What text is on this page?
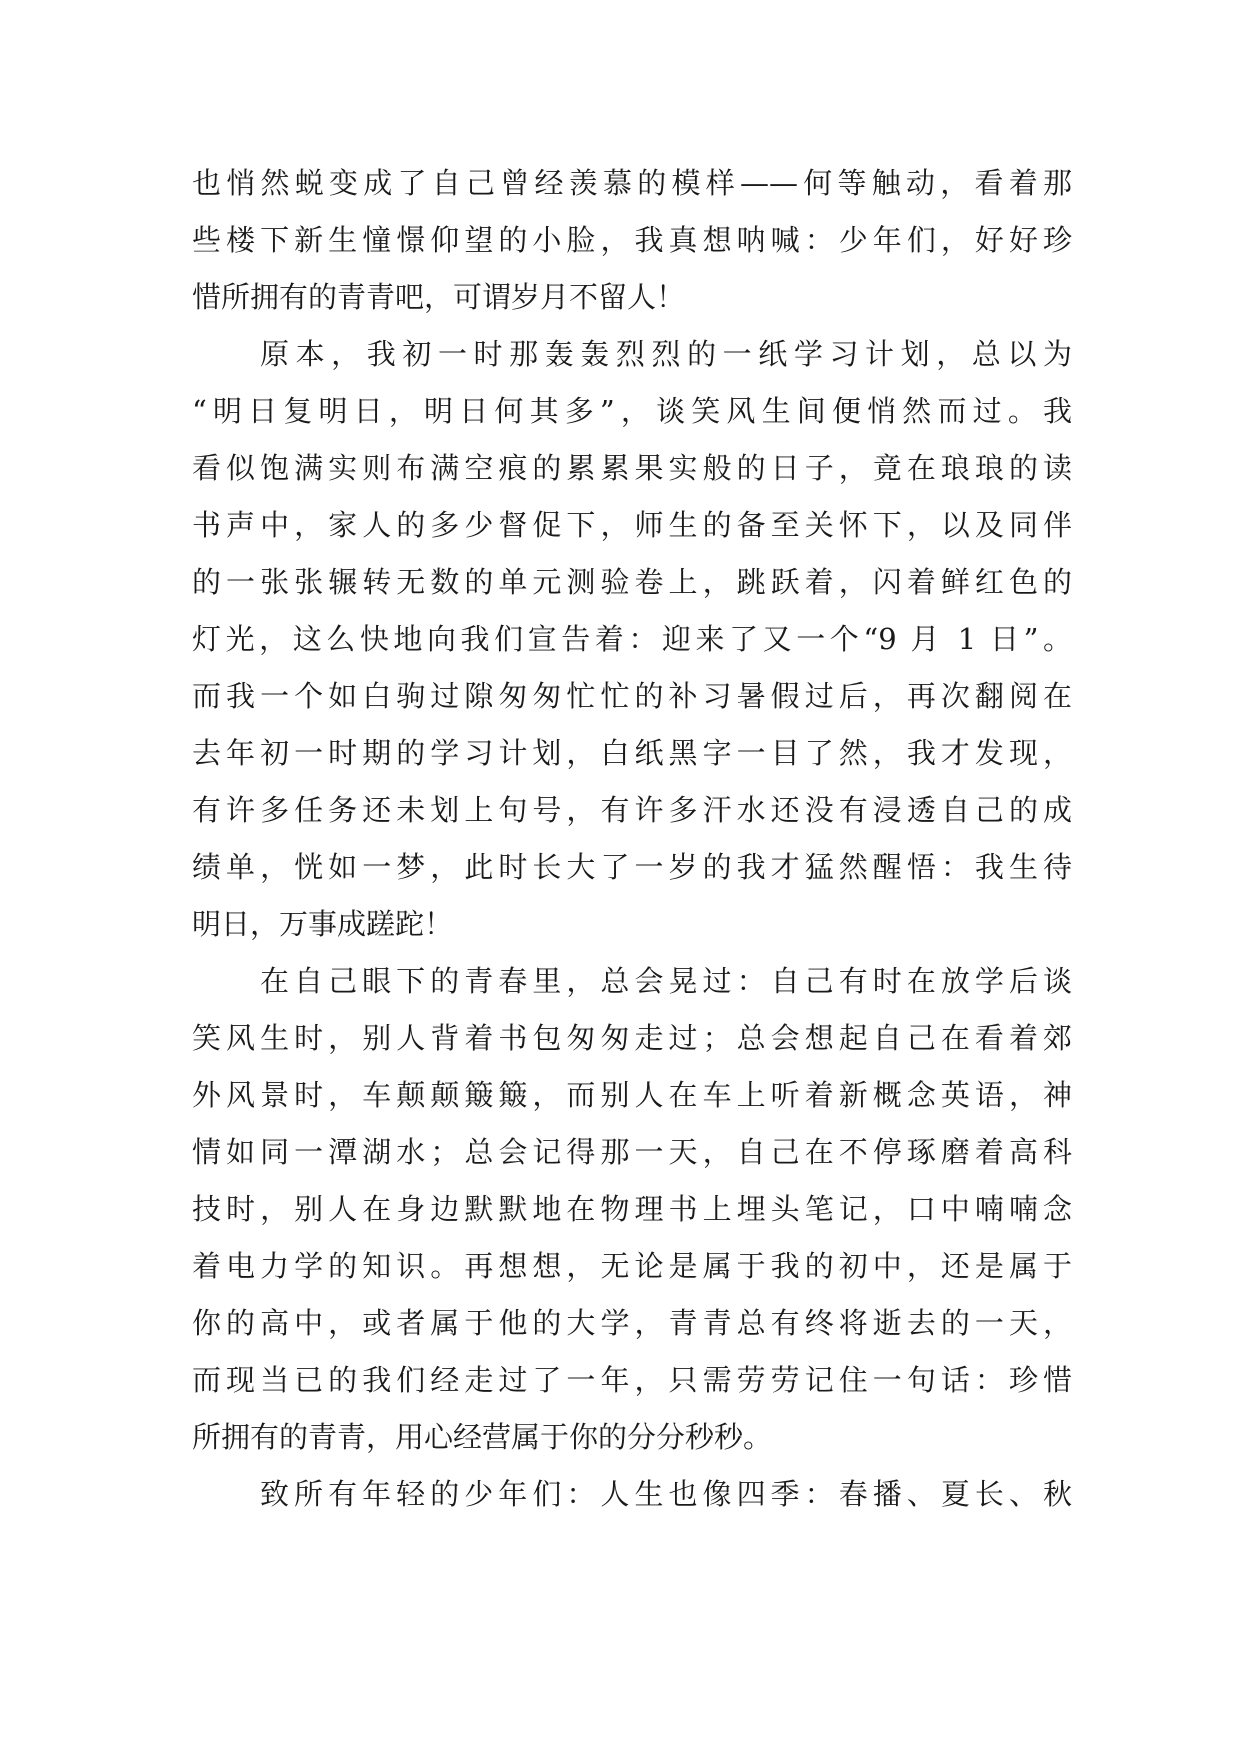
也悄然蜕变成了自己曾经羡慕的模样——何等触动，看着那
些楼下新生憧憬仰望的小脸，我真想呐喊：少年们，好好珍
惜所拥有的青青吧，可谓岁月不留人！
原本，我初一时那轰轰烈烈的一纸学习计划，总以为
“明日复明日，明日何其多”，谈笑风生间便悄然而过。我
看似饱满实则布满空痕的累累果实般的日子，竟在琅琅的读
书声中，家人的多少督促下，师生的备至关怀下，以及同伴
的一张张辗转无数的单元测验卷上，跳跃着，闪着鲜红色的
灯光，这么快地向我们宣告着：迎来了又一个“9 月 1 日”。
而我一个如白驹过隙匆匆忙忙的补习暑假过后，再次翻阅在
去年初一时期的学习计划，白纸黑字一目了然，我才发现，
有许多任务还未划上句号，有许多汗水还没有浸透自己的成
绩单，恍如一梦，此时长大了一岁的我才猛然醒悟：我生待
明日，万事成蹉跎！
在自己眼下的青春里，总会晃过：自己有时在放学后谈
笑风生时，别人背着书包匆匆走过；总会想起自己在看着郊
外风景时，车颠颠簸簸，而别人在车上听着新概念英语，神
情如同一潭湖水；总会记得那一天，自己在不停琢磨着高科
技时，别人在身边默默地在物理书上埋头笔记，口中喃喃念
着电力学的知识。再想想，无论是属于我的初中，还是属于
你的高中，或者属于他的大学，青青总有终将逝去的一天，
而现当已的我们经走过了一年，只需劳劳记住一句话：珍惜
所拥有的青青，用心经营属于你的分分秒秒。
致所有年轻的少年们：人生也像四季：春播、夏长、秋
